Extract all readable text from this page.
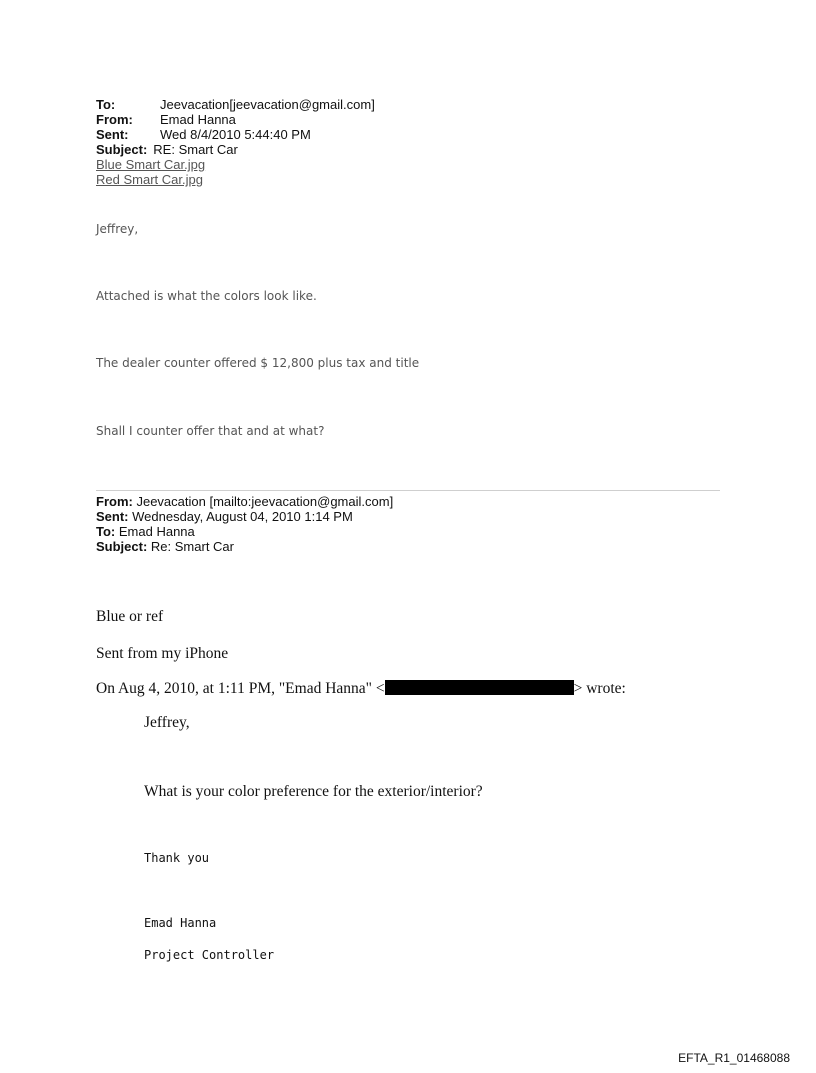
To:	Jeevacation[jeevacation@gmail.com]
From:	Emad Hanna
Sent:	Wed 8/4/2010 5:44:40 PM
Subject: RE: Smart Car
Blue Smart Car.jpg
Red Smart Car.jpg
Jeffrey,
Attached is what the colors look like.
The dealer counter offered $ 12,800 plus tax and title
Shall I counter offer that and at what?
From: Jeevacation [mailto:jeevacation@gmail.com]
Sent: Wednesday, August 04, 2010 1:14 PM
To: Emad Hanna
Subject: Re: Smart Car
Blue or ref
Sent from my iPhone
On Aug 4, 2010, at 1:11 PM, "Emad Hanna" <	> wrote:
Jeffrey,
What is your color preference for the exterior/interior?
Thank you
Emad Hanna
Project Controller
EFTA_R1_01468088
